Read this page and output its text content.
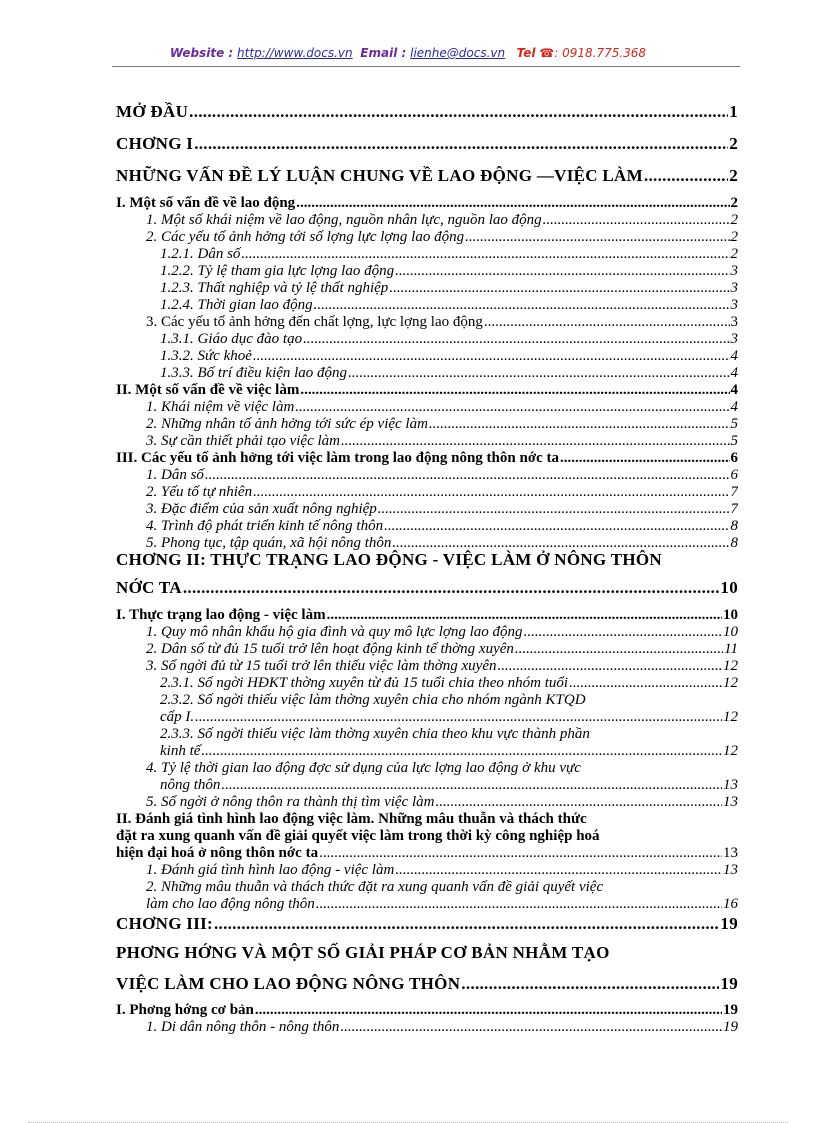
Website : http://www.docs.vn Email : lienhe@docs.vn Tel ☎: 0918.775.368
MỞ ĐẦU .....	1
CHƠNG I .....	2
NHỮNG VẤN ĐỀ LÝ LUẬN CHUNG VỀ LAO ĐỘNG —VIỆC LÀM .....	2
I. Một số vấn đề về lao động .....	2
1. Một số khái niệm về lao động, nguồn nhân lực, nguồn lao động .....	2
2. Các yếu tố ảnh hởng tới số lợng lực lợng lao động .....	2
1.2.1. Dân số .....	2
1.2.2. Tỷ lệ tham gia lực lợng lao động .....	3
1.2.3. Thất nghiệp và tỷ lệ thất nghiệp .....	3
1.2.4. Thời gian lao động .....	3
3. Các yếu tố ảnh hởng đến chất lợng, lực lợng lao động .....	3
1.3.1. Giáo dục đào tạo .....	3
1.3.2. Sức khoẻ .....	4
1.3.3. Bố trí điều kiện lao động .....	4
II. Một số vấn đề về việc làm .....	4
1. Khái niệm về việc làm .....	4
2. Những nhân tố ảnh hởng tới sức ép việc làm .....	5
3. Sự cần thiết phải tạo việc làm .....	5
III. Các yếu tố ảnh hởng tới việc làm trong lao động nông thôn nớc ta .....	6
1. Dân số .....	6
2. Yếu tố tự nhiên .....	7
3. Đặc điểm của sản xuất nông nghiệp .....	7
4. Trình độ phát triển kinh tế nông thôn .....	8
5. Phong tục, tập quán, xã hội nông thôn .....	8
CHƠNG II: THỰC TRẠNG LAO ĐỘNG - VIỆC LÀM Ở NÔNG THÔN
NỚC TA .....	10
I. Thực trạng lao động - việc làm .....	10
1. Quy mô nhân khẩu hộ gia đình và quy mô lực lợng lao động .....	10
2. Dân số từ đủ 15 tuổi trở lên hoạt động kinh tế thờng xuyên .....	11
3. Số ngời đủ từ 15 tuổi trở lên thiếu việc làm thờng xuyên .....	12
2.3.1. Số ngời HĐKT thờng xuyên từ đủ 15 tuổi chia theo nhóm tuổi .....	12
2.3.2. Số ngời thiếu việc làm thờng xuyên chia cho nhóm ngành KTQD
cấp I. .....	12
2.3.3. Số ngời thiếu việc làm thờng xuyên chia theo khu vực thành phần
kinh tế .....	12
4. Tỷ lệ thời gian lao động đợc sử dụng của lực lợng lao động ở khu vực
nông thôn .....	13
5. Số ngời ở nông thôn ra thành thị tìm việc làm .....	13
II. Đánh giá tình hình lao động việc làm. Những mâu thuẫn và thách thức
đặt ra xung quanh vấn đề giải quyết việc làm trong thời kỳ công nghiệp hoá
hiện đại hoá ở nông thôn nớc ta .....	13
1. Đánh giá tình hình lao động - việc làm .....	13
2. Những mâu thuẫn và thách thức đặt ra xung quanh vấn đề giải quyết việc
làm cho lao động nông thôn .....	16
CHƠNG III: .....	19
PHƠNG HỚNG VÀ MỘT SỐ GIẢI PHÁP CƠ BẢN NHẰM TẠO
VIỆC LÀM CHO LAO ĐỘNG NÔNG THÔN .....	19
I. Phơng hớng cơ bản .....	19
1. Di dân nông thôn - nông thôn .....	19
